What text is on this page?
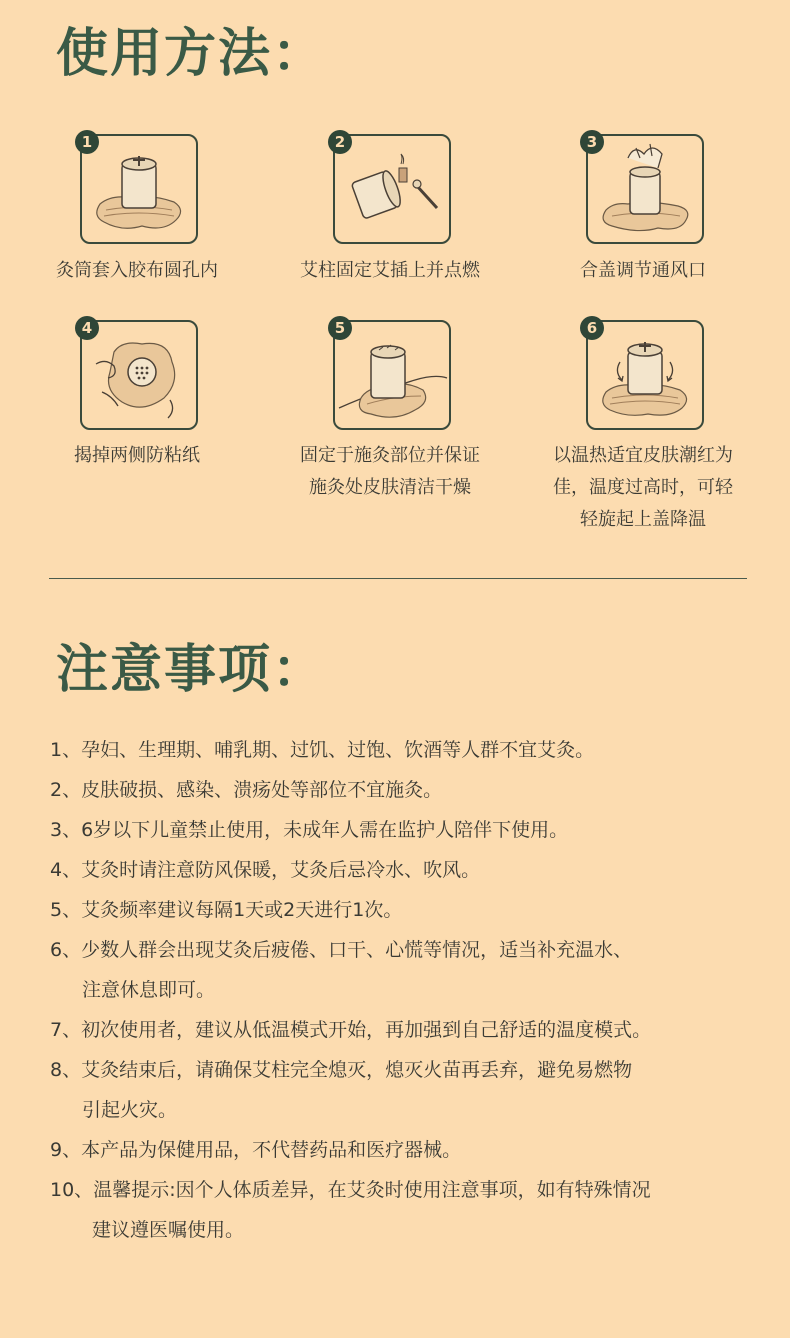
使用方法：
1
灸筒套入胶布圆孔内
2
艾柱固定艾插上并点燃
3
合盖调节通风口
4
揭掉两侧防粘纸
5
固定于施灸部位并保证
施灸处皮肤清洁干燥
6
以温热适宜皮肤潮红为
佳，温度过高时，可轻
轻旋起上盖降温
注意事项：
1、孕妇、生理期、哺乳期、过饥、过饱、饮酒等人群不宜艾灸。
2、皮肤破损、感染、溃疡处等部位不宜施灸。
3、6岁以下儿童禁止使用，未成年人需在监护人陪伴下使用。
4、艾灸时请注意防风保暖，艾灸后忌冷水、吹风。
5、艾灸频率建议每隔1天或2天进行1次。
6、少数人群会出现艾灸后疲倦、口干、心慌等情况，适当补充温水、
注意休息即可。
7、初次使用者，建议从低温模式开始，再加强到自己舒适的温度模式。
8、艾灸结束后，请确保艾柱完全熄灭，熄灭火苗再丢弃，避免易燃物
引起火灾。
9、本产品为保健用品，不代替药品和医疗器械。
10、温馨提示:因个人体质差异，在艾灸时使用注意事项，如有特殊情况
建议遵医嘱使用。
